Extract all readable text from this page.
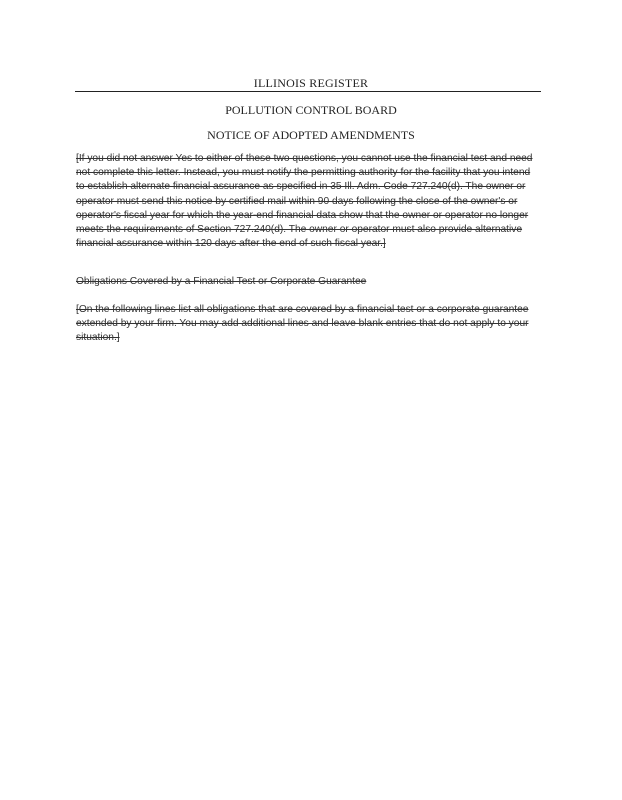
ILLINOIS REGISTER
POLLUTION CONTROL BOARD
NOTICE OF ADOPTED AMENDMENTS
[If you did not answer Yes to either of these two questions, you cannot use the financial test and need not complete this letter. Instead, you must notify the permitting authority for the facility that you intend to establish alternate financial assurance as specified in 35 Ill. Adm. Code 727.240(d). The owner or operator must send this notice by certified mail within 90 days following the close of the owner's or operator's fiscal year for which the year-end financial data show that the owner or operator no longer meets the requirements of Section 727.240(d). The owner or operator must also provide alternative financial assurance within 120 days after the end of such fiscal year.]
Obligations Covered by a Financial Test or Corporate Guarantee
[On the following lines list all obligations that are covered by a financial test or a corporate guarantee extended by your firm. You may add additional lines and leave blank entries that do not apply to your situation.]
